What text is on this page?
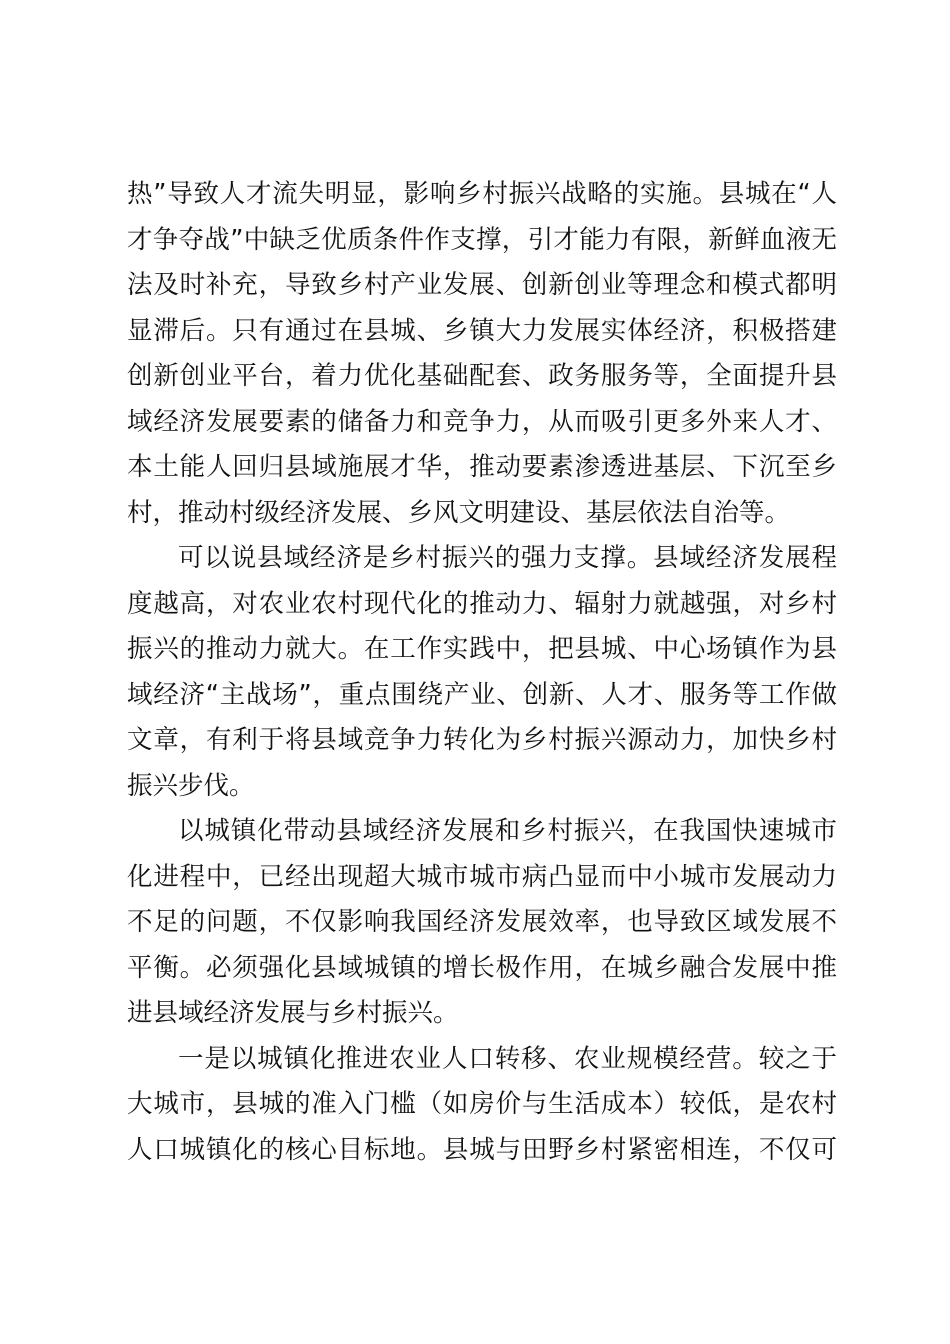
热”导致人才流失明显，影响乡村振兴战略的实施。县城在“人
才争夺战”中缺乏优质条件作支撑，引才能力有限，新鲜血液无
法及时补充，导致乡村产业发展、创新创业等理念和模式都明
显滞后。只有通过在县城、乡镇大力发展实体经济，积极搭建
创新创业平台，着力优化基础配套、政务服务等，全面提升县
域经济发展要素的储备力和竞争力，从而吸引更多外来人才、
本土能人回归县域施展才华，推动要素渗透进基层、下沉至乡
村，推动村级经济发展、乡风文明建设、基层依法自治等。
可以说县域经济是乡村振兴的强力支撑。县域经济发展程
度越高，对农业农村现代化的推动力、辐射力就越强，对乡村
振兴的推动力就大。在工作实践中，把县城、中心场镇作为县
域经济“主战场”，重点围绕产业、创新、人才、服务等工作做
文章，有利于将县域竞争力转化为乡村振兴源动力，加快乡村
振兴步伐。
以城镇化带动县域经济发展和乡村振兴，在我国快速城市
化进程中，已经出现超大城市城市病凸显而中小城市发展动力
不足的问题，不仅影响我国经济发展效率，也导致区域发展不
平衡。必须强化县域城镇的增长极作用，在城乡融合发展中推
进县域经济发展与乡村振兴。
一是以城镇化推进农业人口转移、农业规模经营。较之于
大城市，县城的准入门槛（如房价与生活成本）较低，是农村
人口城镇化的核心目标地。县城与田野乡村紧密相连，不仅可
